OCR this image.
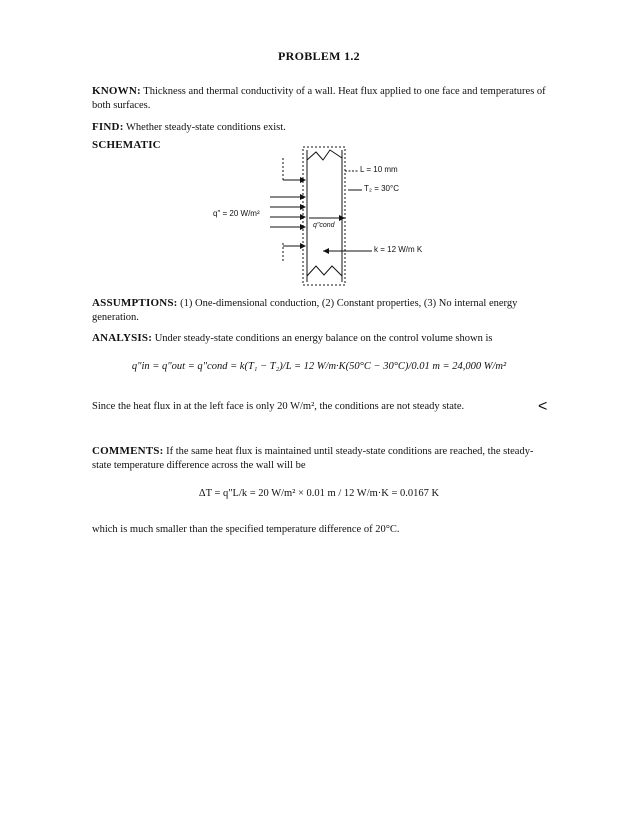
PROBLEM 1.2
KNOWN: Thickness and thermal conductivity of a wall. Heat flux applied to one face and temperatures of both surfaces.
FIND: Whether steady-state conditions exist.
SCHEMATIC
L = 10 mm
T₂ = 30°C
q" = 20 W/m²
q"cond
k = 12 W/m K
ASSUMPTIONS: (1) One-dimensional conduction, (2) Constant properties, (3) No internal energy generation.
ANALYSIS: Under steady-state conditions an energy balance on the control volume shown is
q"in = q"out = q"cond = k(T₁ − T₂)/L = 12 W/m·K(50°C − 30°C)/0.01 m = 24,000 W/m²
Since the heat flux in at the left face is only 20 W/m², the conditions are not steady state.	<
COMMENTS: If the same heat flux is maintained until steady-state conditions are reached, the steady-state temperature difference across the wall will be
ΔT = q"L/k = 20 W/m² × 0.01 m / 12 W/m·K = 0.0167 K
which is much smaller than the specified temperature difference of 20°C.
